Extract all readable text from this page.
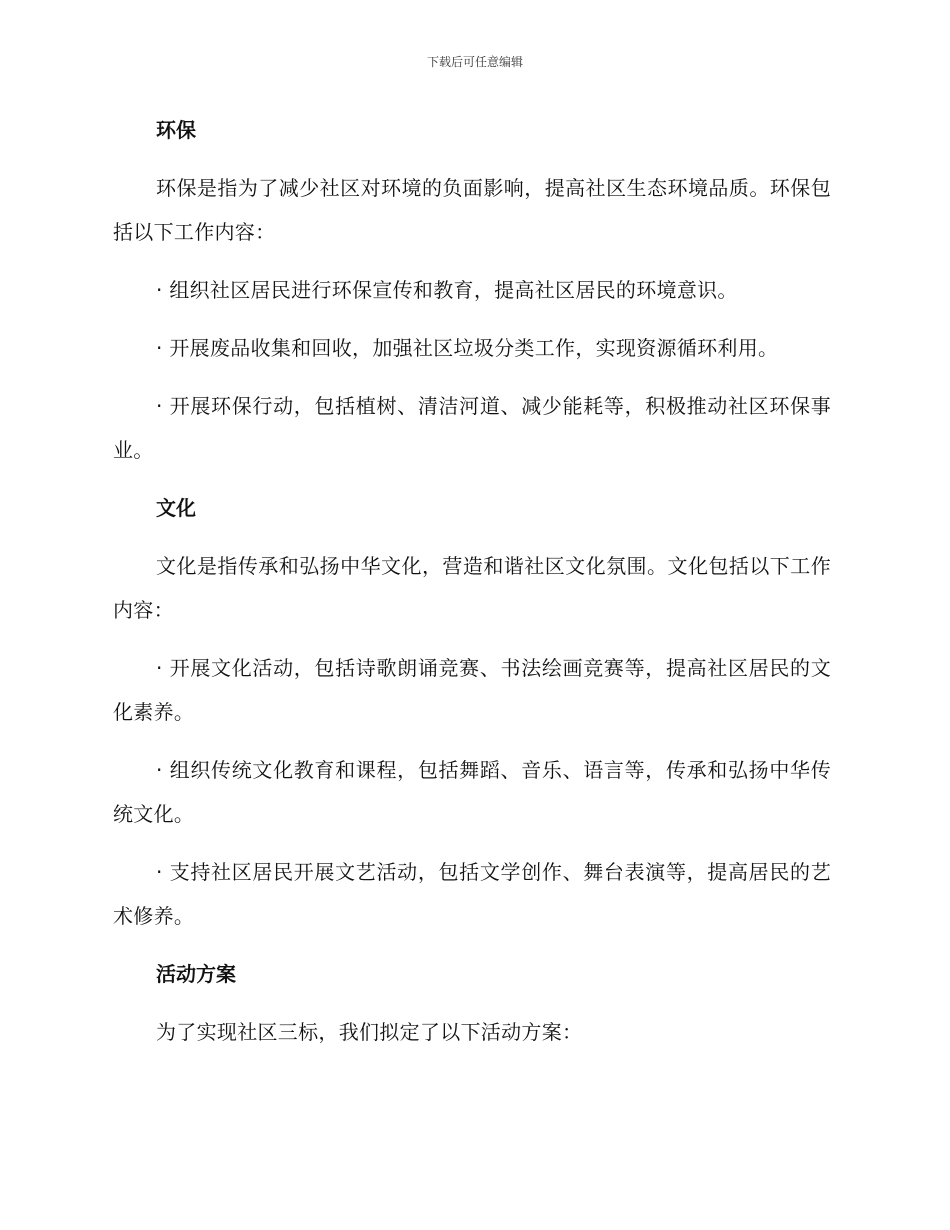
下载后可任意编辑
环保

环保是指为了减少社区对环境的负面影响，提高社区生态环境品质。环保包括以下工作内容：

· 组织社区居民进行环保宣传和教育，提高社区居民的环境意识。

· 开展废品收集和回收，加强社区垃圾分类工作，实现资源循环利用。

· 开展环保行动，包括植树、清洁河道、减少能耗等，积极推动社区环保事业。

文化

文化是指传承和弘扬中华文化，营造和谐社区文化氛围。文化包括以下工作内容：

· 开展文化活动，包括诗歌朗诵竞赛、书法绘画竞赛等，提高社区居民的文化素养。

· 组织传统文化教育和课程，包括舞蹈、音乐、语言等，传承和弘扬中华传统文化。

· 支持社区居民开展文艺活动，包括文学创作、舞台表演等，提高居民的艺术修养。

活动方案

为了实现社区三标，我们拟定了以下活动方案：
